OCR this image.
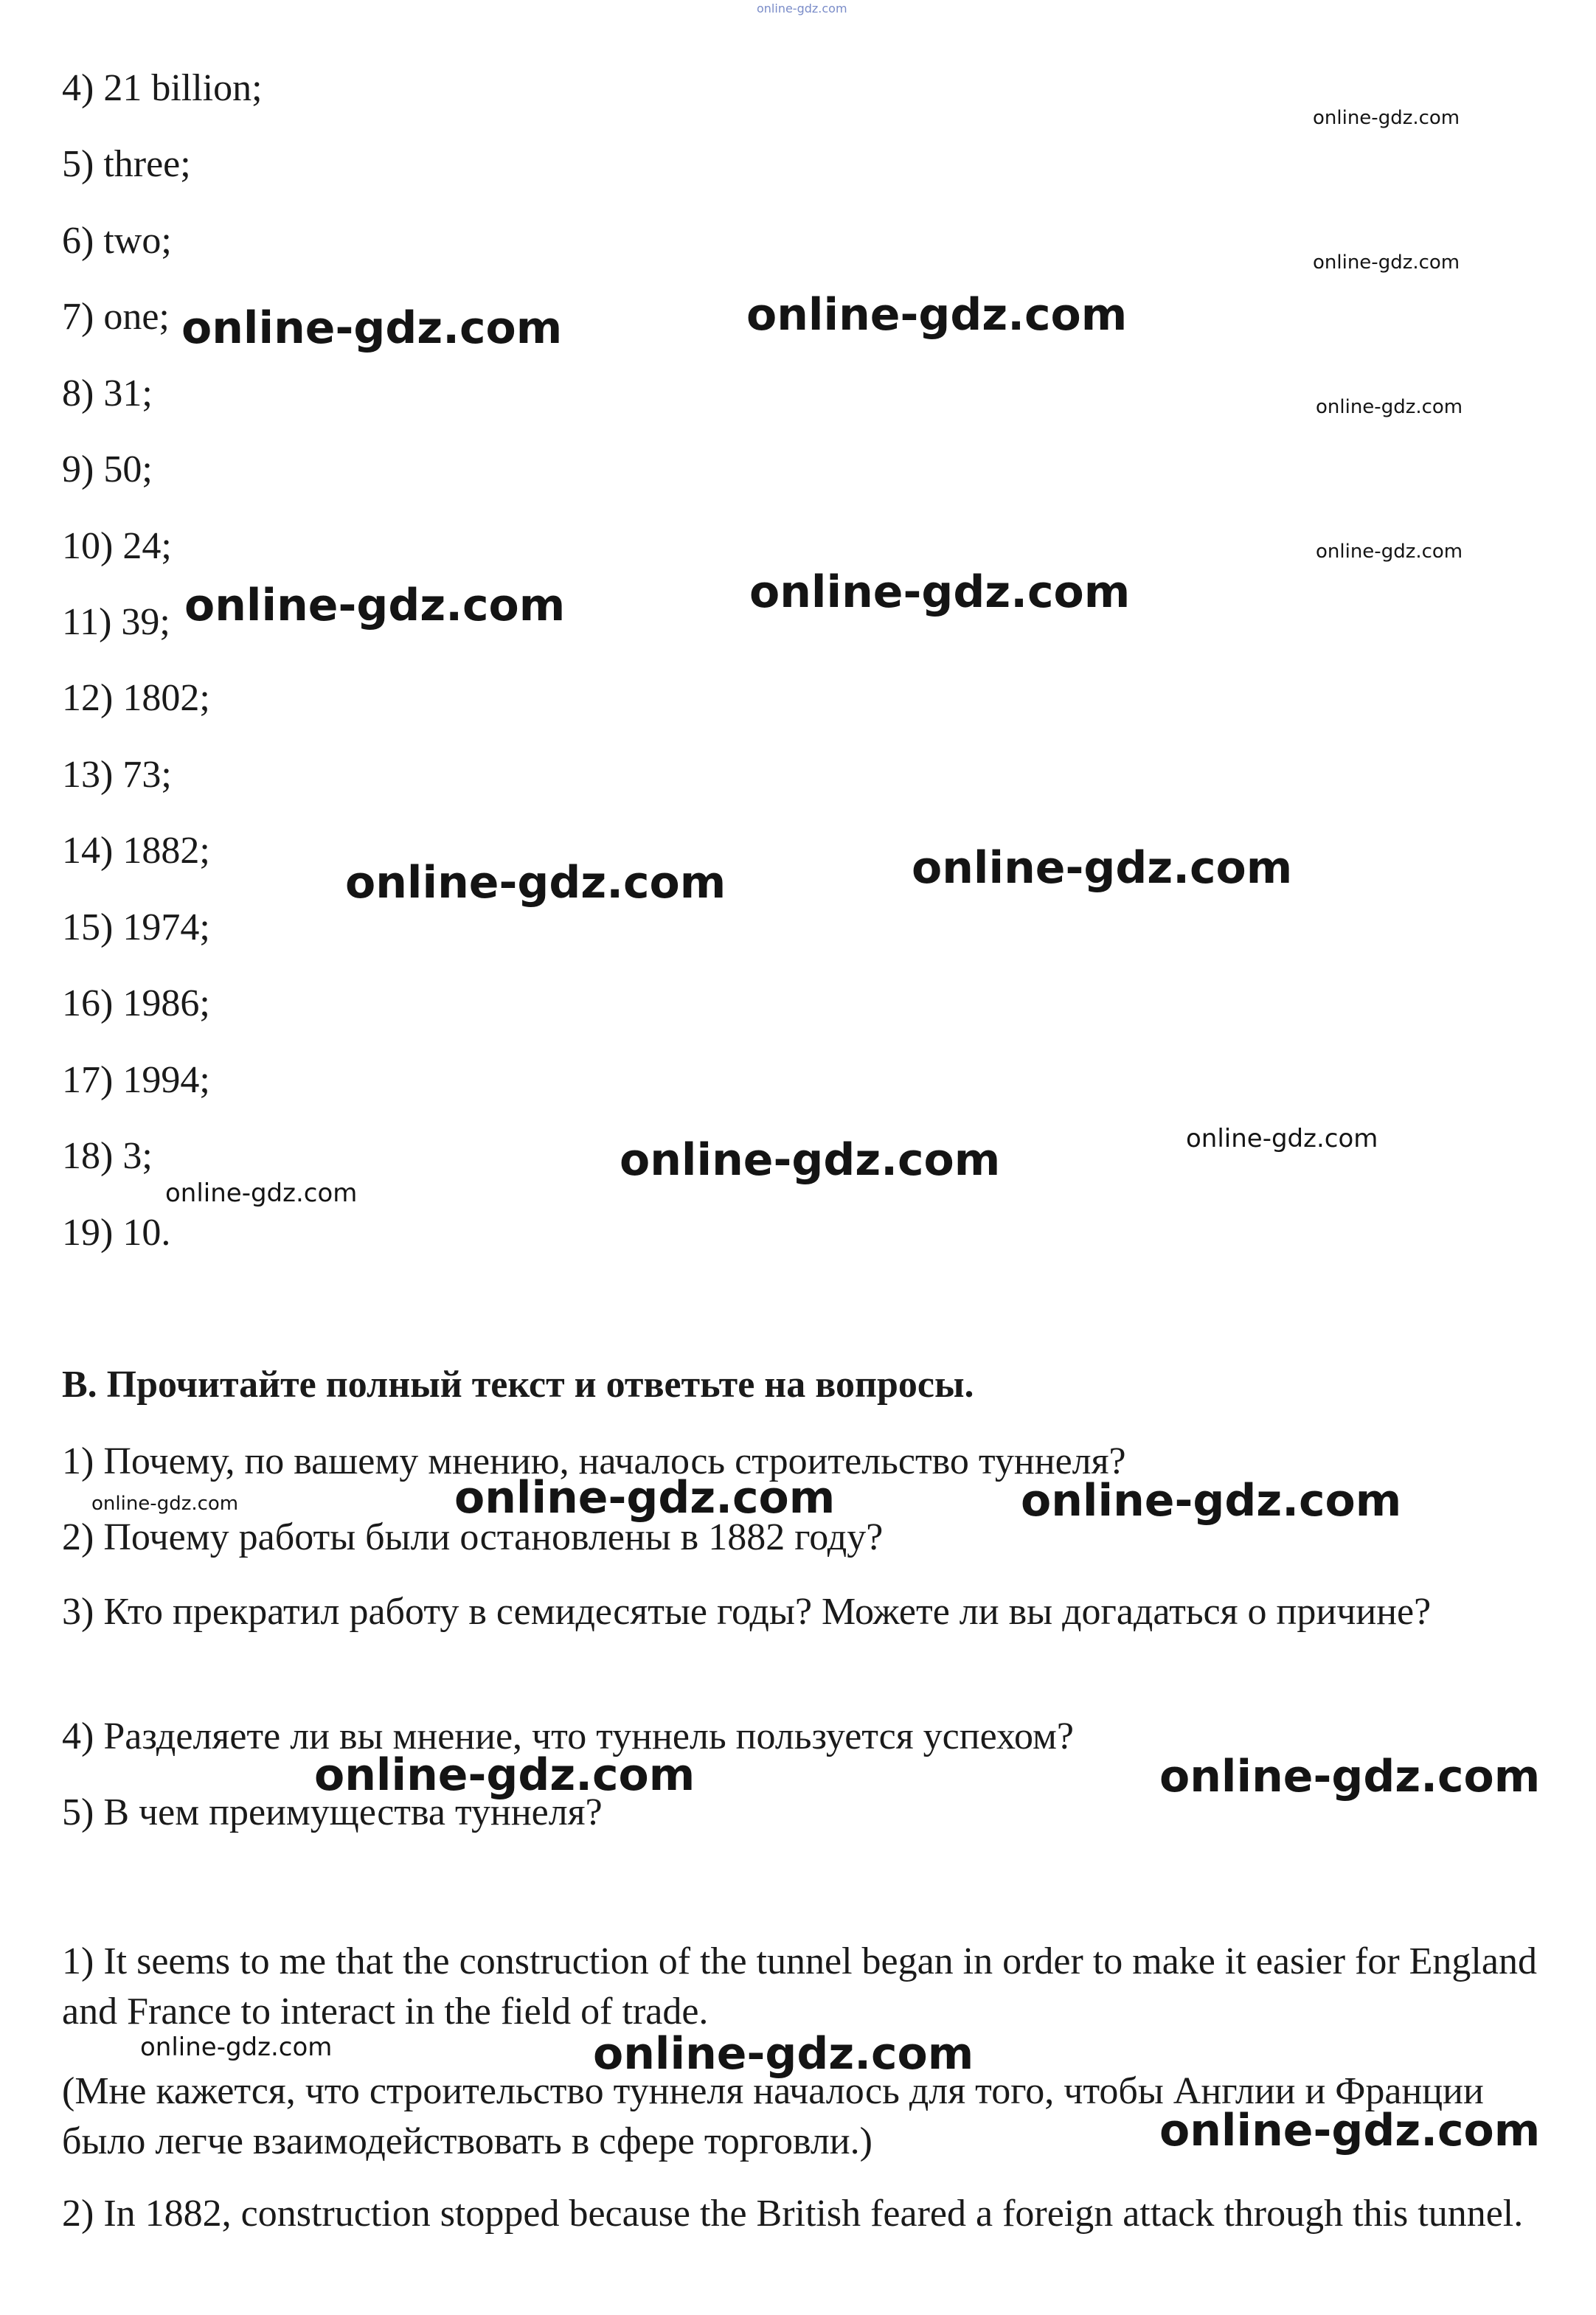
online-gdz.com
4) 21 billion;
5) three;
6) two;
7) one;
8) 31;
9) 50;
10) 24;
11) 39;
12) 1802;
13) 73;
14) 1882;
15) 1974;
16) 1986;
17) 1994;
18) 3;
19) 10.
B. Прочитайте полный текст и ответьте на вопросы.
1) Почему, по вашему мнению, началось строительство туннеля?
2) Почему работы были остановлены в 1882 году?
3) Кто прекратил работу в семидесятые годы? Можете ли вы догадаться о причине?
4) Разделяете ли вы мнение, что туннель пользуется успехом?
5) В чем преимущества туннеля?
1) It seems to me that the construction of the tunnel began in order to make it easier for England and France to interact in the field of trade.
(Мне кажется, что строительство туннеля началось для того, чтобы Англии и Франции было легче взаимодействовать в сфере торговли.)
2) In 1882, construction stopped because the British feared a foreign attack through this tunnel.
online-gdz.com
online-gdz.com
online-gdz.com
online-gdz.com
online-gdz.com	online-gdz.com
online-gdz.com	online-gdz.com
online-gdz.com	online-gdz.com
online-gdz.com	online-gdz.com
online-gdz.com
online-gdz.com	online-gdz.com	online-gdz.com
online-gdz.com	online-gdz.com
online-gdz.com	online-gdz.com
online-gdz.com
